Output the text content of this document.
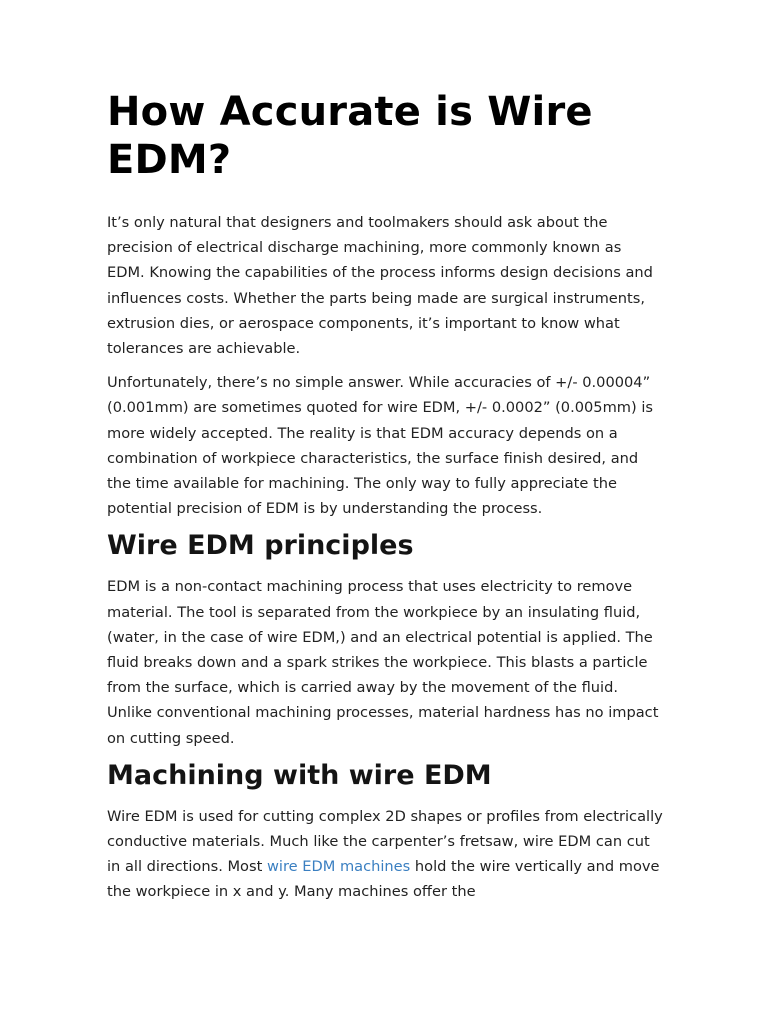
How Accurate is Wire EDM?

It’s only natural that designers and toolmakers should ask about the precision of electrical discharge machining, more commonly known as EDM. Knowing the capabilities of the process informs design decisions and influences costs. Whether the parts being made are surgical instruments, extrusion dies, or aerospace components, it’s important to know what tolerances are achievable.

Unfortunately, there’s no simple answer. While accuracies of +/- 0.00004” (0.001mm) are sometimes quoted for wire EDM, +/- 0.0002” (0.005mm) is more widely accepted. The reality is that EDM accuracy depends on a combination of workpiece characteristics, the surface finish desired, and the time available for machining. The only way to fully appreciate the potential precision of EDM is by understanding the process.

Wire EDM principles

EDM is a non-contact machining process that uses electricity to remove material. The tool is separated from the workpiece by an insulating fluid, (water, in the case of wire EDM,) and an electrical potential is applied. The fluid breaks down and a spark strikes the workpiece. This blasts a particle from the surface, which is carried away by the movement of the fluid. Unlike conventional machining processes, material hardness has no impact on cutting speed.

Machining with wire EDM

Wire EDM is used for cutting complex 2D shapes or profiles from electrically conductive materials. Much like the carpenter’s fretsaw, wire EDM can cut in all directions. Most wire EDM machines hold the wire vertically and move the workpiece in x and y. Many machines offer the
